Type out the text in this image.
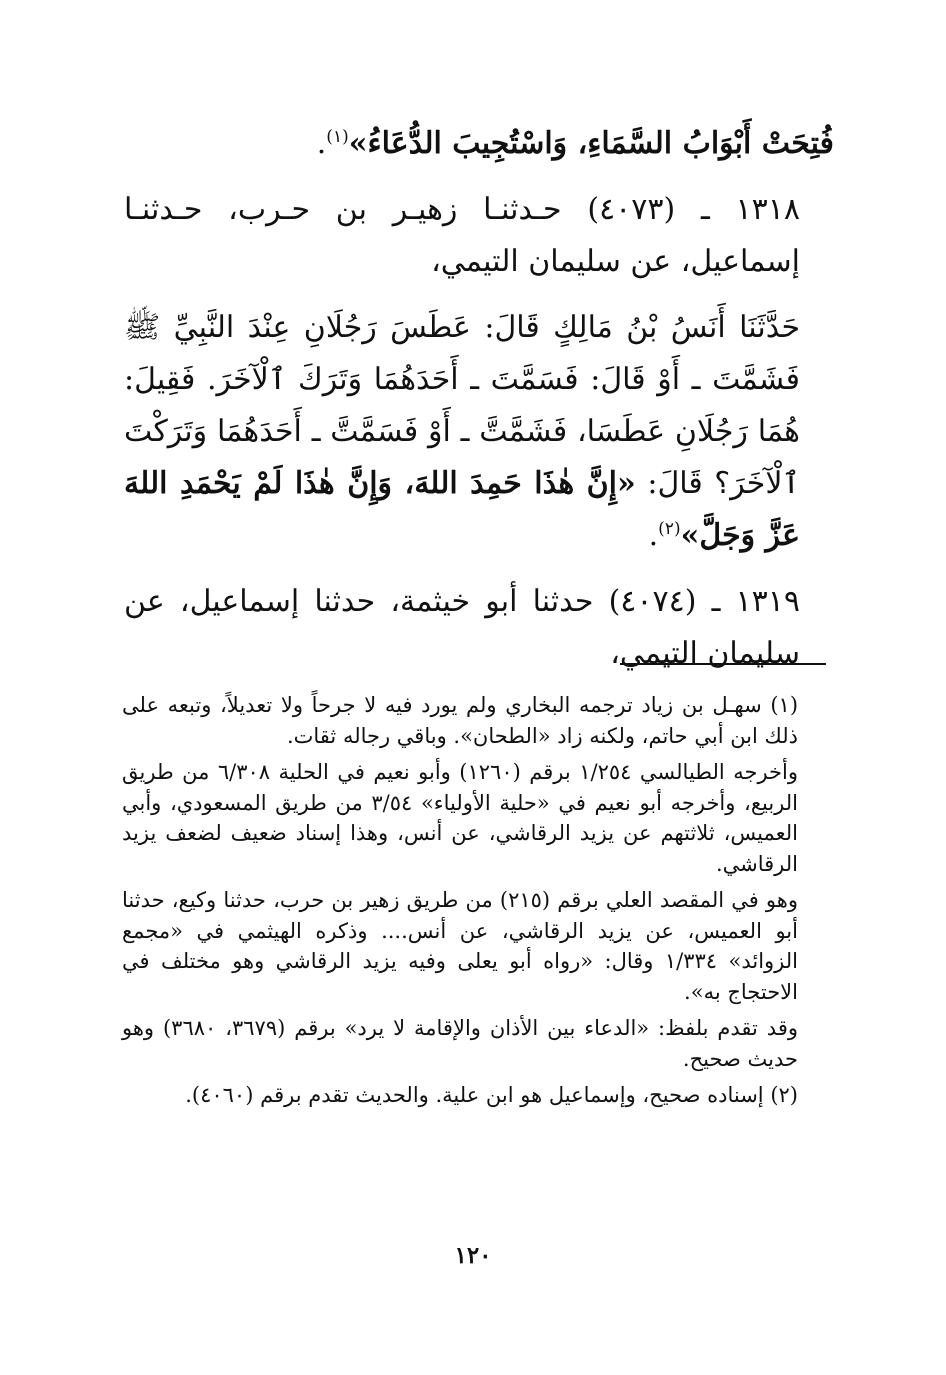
فُتِحَتْ أَبْوَابُ السَّمَاءِ، وَاسْتُجِيبَ الدُّعَاءُ»$^{(١)}$.

١٣١٨ ـ (٤٠٧٣) حـدثنـا زهيـر بن حـرب، حـدثنـا إسماعيل، عن سليمان التيمي،

حَدَّثَنَا أَنَسُ بْنُ مَالِكٍ قَالَ: عَطَسَ رَجُلَانِ عِنْدَ النَّبِيِّ ﷺ فَشَمَّتَ ـ أَوْ قَالَ: فَسَمَّتَ ـ أَحَدَهُمَا وَتَرَكَ ٱلْآخَرَ. فَقِيلَ: هُمَا رَجُلَانِ عَطَسَا، فَشَمَّتَّ ـ أَوْ فَسَمَّتَّ ـ أَحَدَهُمَا وَتَرَكْتَ ٱلْآخَرَ؟ قَالَ: «إِنَّ هٰذَا حَمِدَ اللهَ، وَإِنَّ هٰذَا لَمْ يَحْمَدِ اللهَ عَزَّ وَجَلَّ»$^{(٢)}$.

١٣١٩ ـ (٤٠٧٤) حدثنا أبو خيثمة، حدثنا إسماعيل، عن سليمان التيمي،

(١) سهـل بن زياد ترجمه البخاري ولم يورد فيه لا جرحاً ولا تعديلاً، وتبعه على ذلك ابن أبي حاتم، ولكنه زاد «الطحان». وباقي رجاله ثقات.

وأخرجه الطيالسي ١/٢٥٤ برقم (١٢٦٠) وأبو نعيم في الحلية ٦/٣٠٨ من طريق الربيع، وأخرجه أبو نعيم في «حلية الأولياء» ٣/٥٤ من طريق المسعودي، وأبي العميس، ثلاثتهم عن يزيد الرقاشي، عن أنس، وهذا إسناد ضعيف لضعف يزيد الرقاشي.

وهو في المقصد العلي برقم (٢١٥) من طريق زهير بن حرب، حدثنا وكيع، حدثنا أبو العميس، عن يزيد الرقاشي، عن أنس.... وذكره الهيثمي في «مجمع الزوائد» ١/٣٣٤ وقال: «رواه أبو يعلى وفيه يزيد الرقاشي وهو مختلف في الاحتجاج به».

وقد تقدم بلفظ: «الدعاء بين الأذان والإقامة لا يرد» برقم (٣٦٧٩، ٣٦٨٠) وهو حديث صحيح.

(٢) إسناده صحيح، وإسماعيل هو ابن علية. والحديث تقدم برقم (٤٠٦٠).

١٢٠
